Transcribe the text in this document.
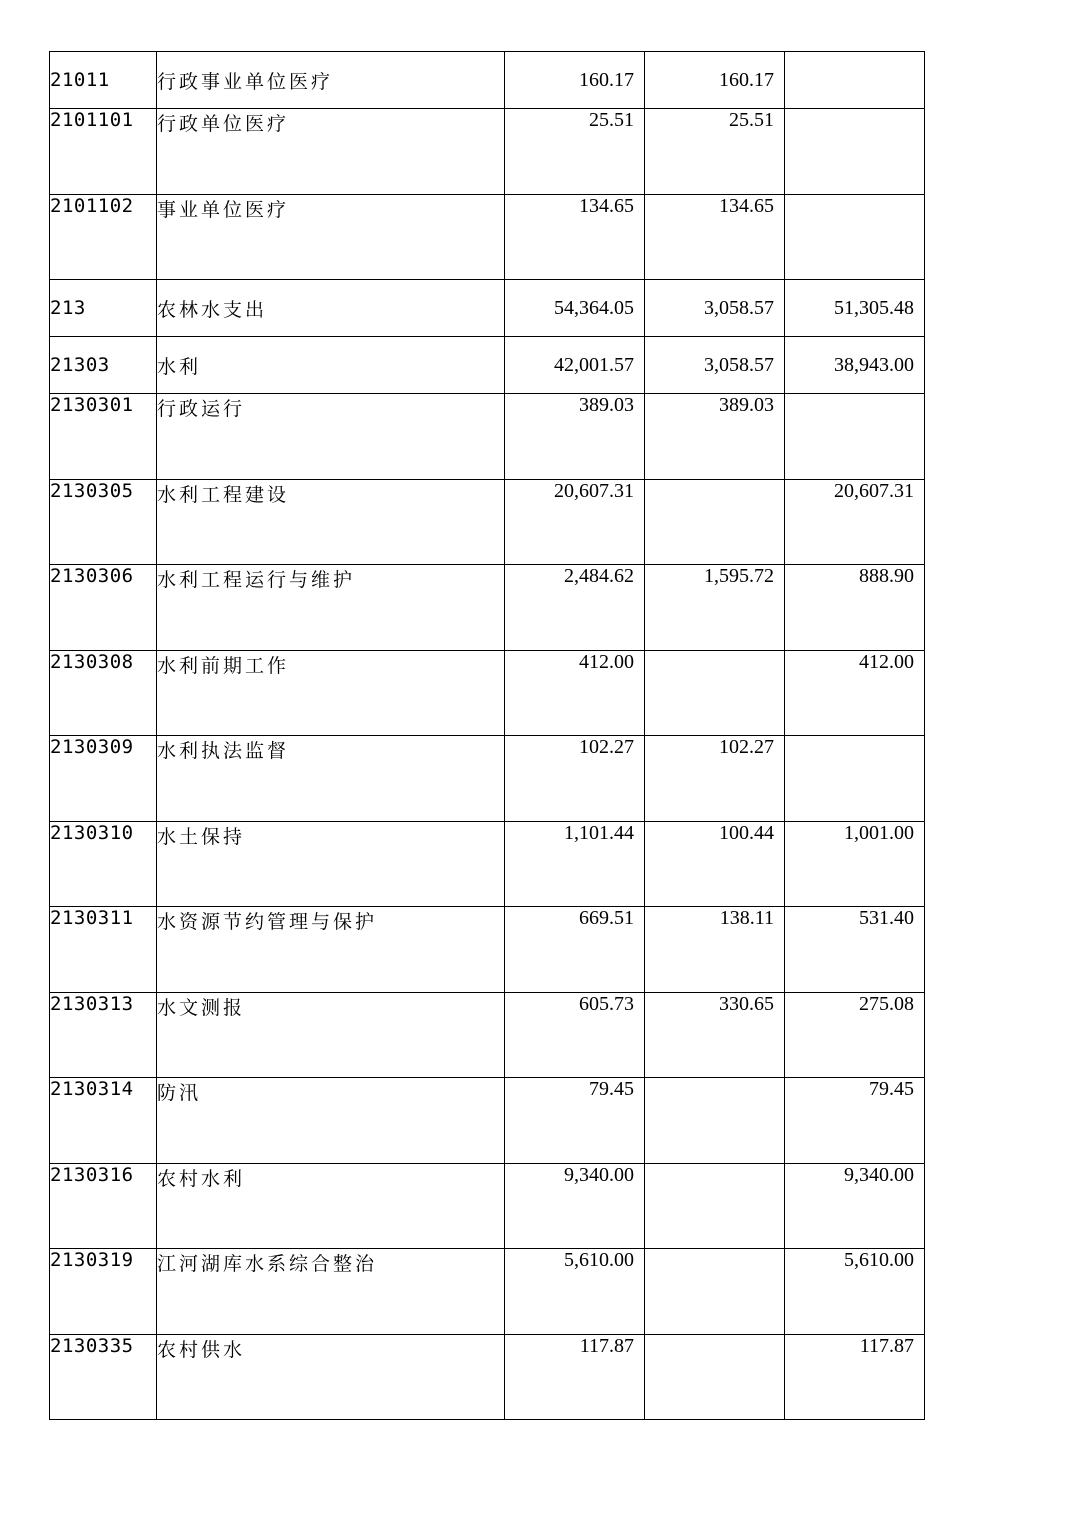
21011	行政事业单位医疗	160.17	160.17	
2101101	行政单位医疗	25.51	25.51	
2101102	事业单位医疗	134.65	134.65	
213	农林水支出	54,364.05	3,058.57	51,305.48
21303	水利	42,001.57	3,058.57	38,943.00
2130301	行政运行	389.03	389.03	
2130305	水利工程建设	20,607.31		20,607.31
2130306	水利工程运行与维护	2,484.62	1,595.72	888.90
2130308	水利前期工作	412.00		412.00
2130309	水利执法监督	102.27	102.27	
2130310	水土保持	1,101.44	100.44	1,001.00
2130311	水资源节约管理与保护	669.51	138.11	531.40
2130313	水文测报	605.73	330.65	275.08
2130314	防汛	79.45		79.45
2130316	农村水利	9,340.00		9,340.00
2130319	江河湖库水系综合整治	5,610.00		5,610.00
2130335	农村供水	117.87		117.87
